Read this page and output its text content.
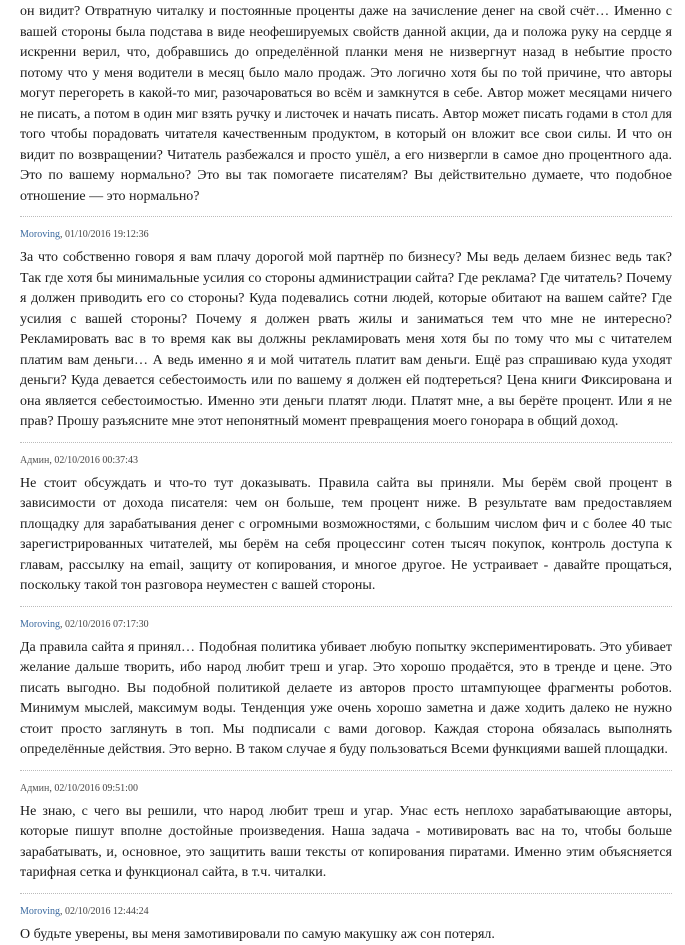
он видит? Отвратную читалку и постоянные проценты даже на зачисление денег на свой счёт… Именно с вашей стороны была подстава в виде неофешируемых свойств данной акции, да и положа руку на сердце я искренни верил, что, добравшись до определённой планки меня не низвергнут назад в небытие просто потому что у меня водители в месяц было мало продаж. Это логично хотя бы по той причине, что авторы могут перегореть в какой-то миг, разочароваться во всём и замкнутся в себе. Автор может месяцами ничего не писать, а потом в один миг взять ручку и листочек и начать писать. Автор может писать годами в стол для того чтобы порадовать читателя качественным продуктом, в который он вложит все свои силы. И что он видит по возвращении? Читатель разбежался и просто ушёл, а его низвергли в самое дно процентного ада. Это по вашему нормально? Это вы так помогаете писателям? Вы действительно думаете, что подобное отношение — это нормально?
Moroving, 01/10/2016 19:12:36
За что собственно говоря я вам плачу дорогой мой партнёр по бизнесу? Мы ведь делаем бизнес ведь так? Так где хотя бы минимальные усилия со стороны администрации сайта? Где реклама? Где читатель? Почему я должен приводить его со стороны? Куда подевались сотни людей, которые обитают на вашем сайте? Где усилия с вашей стороны? Почему я должен рвать жилы и заниматься тем что мне не интересно? Рекламировать вас в то время как вы должны рекламировать меня хотя бы по тому что мы с читателем платим вам деньги… А ведь именно я и мой читатель платит вам деньги. Ещё раз спрашиваю куда уходят деньги? Куда девается себестоимость или по вашему я должен ей подтереться? Цена книги Фиксирована и она является себестоимостью. Именно эти деньги платят люди. Платят мне, а вы берёте процент. Или я не прав? Прошу разъясните мне этот непонятный момент превращения моего гонорара в общий доход.
Админ, 02/10/2016 00:37:43
Не стоит обсуждать и что-то тут доказывать. Правила сайта вы приняли. Мы берём свой процент в зависимости от дохода писателя: чем он больше, тем процент ниже. В результате вам предоставляем площадку для зарабатывания денег с огромными возможностями, с большим числом фич и с более 40 тыс зарегистрированных читателей, мы берём на себя процессинг сотен тысяч покупок, контроль доступа к главам, рассылку на email, защиту от копирования, и многое другое. Не устраивает - давайте прощаться, поскольку такой тон разговора неуместен с вашей стороны.
Moroving, 02/10/2016 07:17:30
Да правила сайта я принял… Подобная политика убивает любую попытку экспериментировать. Это убивает желание дальше творить, ибо народ любит треш и угар. Это хорошо продаётся, это в тренде и цене. Это писать выгодно. Вы подобной политикой делаете из авторов просто штампующее фрагменты роботов. Минимум мыслей, максимум воды. Тенденция уже очень хорошо заметна и даже ходить далеко не нужно стоит просто заглянуть в топ. Мы подписали с вами договор. Каждая сторона обязалась выполнять определённые действия. Это верно. В таком случае я буду пользоваться Всеми функциями вашей площадки.
Админ, 02/10/2016 09:51:00
Не знаю, с чего вы решили, что народ любит треш и угар. Унас есть неплохо зарабатывающие авторы, которые пишут вполне достойные произведения. Наша задача - мотивировать вас на то, чтобы больше зарабатывать, и, основное, это защитить ваши тексты от копирования пиратами. Именно этим объясняется тарифная сетка и функционал сайта, в т.ч. читалки.
Moroving, 02/10/2016 12:44:24
О будьте уверены, вы меня замотивировали по самую макушку аж сон потерял.
